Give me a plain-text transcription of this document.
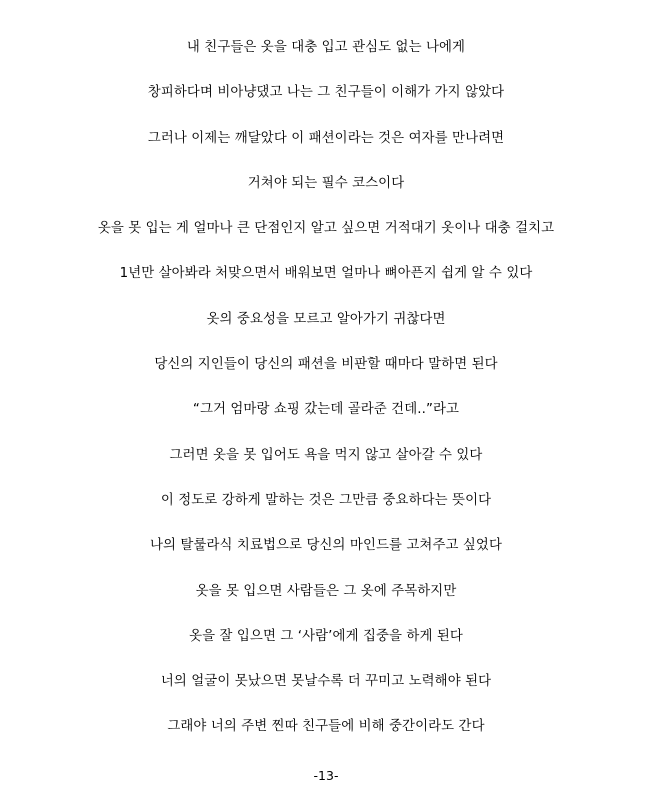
내 친구들은 옷을 대충 입고 관심도 없는 나에게
창피하다며 비아냥댔고 나는 그 친구들이 이해가 가지 않았다
그러나 이제는 깨달았다 이 패션이라는 것은 여자를 만나려면
거쳐야 되는 필수 코스이다
옷을 못 입는 게 얼마나 큰 단점인지 알고 싶으면 거적대기 옷이나 대충 걸치고
1년만 살아봐라 처맞으면서 배워보면 얼마나 뼈아픈지 쉽게 알 수 있다
옷의 중요성을 모르고 알아가기 귀찮다면
당신의 지인들이 당신의 패션을 비판할 때마다 말하면 된다
“그거 엄마랑 쇼핑 갔는데 골라준 건데..”라고
그러면 옷을 못 입어도 욕을 먹지 않고 살아갈 수 있다
이 정도로 강하게 말하는 것은 그만큼 중요하다는 뜻이다
나의 탈룰라식 치료법으로 당신의 마인드를 고쳐주고 싶었다
옷을 못 입으면 사람들은 그 옷에 주목하지만
옷을 잘 입으면 그 ‘사람’에게 집중을 하게 된다
너의 얼굴이 못났으면 못날수록 더 꾸미고 노력해야 된다
그래야 너의 주변 찐따 친구들에 비해 중간이라도 간다
-13-
